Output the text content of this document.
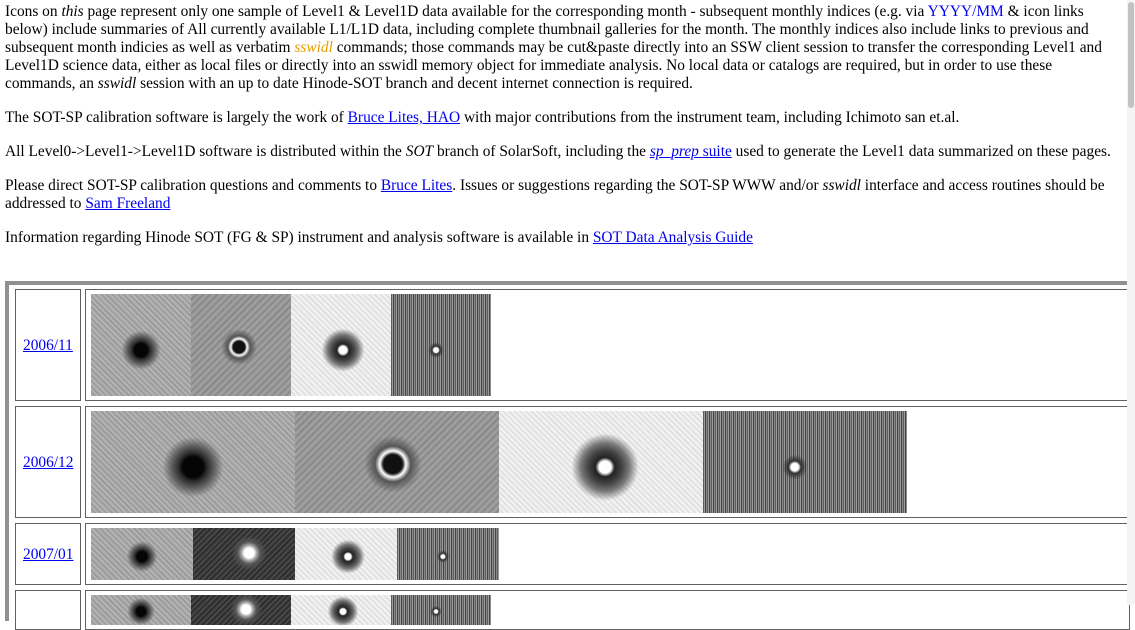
Icons on this page represent only one sample of Level1 & Level1D data available for the corresponding month - subsequent monthly indices (e.g. via YYYY/MM & icon links below) include summaries of All currently available L1/L1D data, including complete thumbnail galleries for the month. The monthly indices also include links to previous and subsequent month indicies as well as verbatim sswidl commands; those commands may be cut&paste directly into an SSW client session to transfer the corresponding Level1 and Level1D science data, either as local files or directly into an sswidl memory object for immediate analysis. No local data or catalogs are required, but in order to use these commands, an sswidl session with an up to date Hinode-SOT branch and decent internet connection is required.

The SOT-SP calibration software is largely the work of Bruce Lites, HAO with major contributions from the instrument team, including Ichimoto san et.al.

All Level0->Level1->Level1D software is distributed within the SOT branch of SolarSoft, including the sp_prep suite used to generate the Level1 data summarized on these pages.

Please direct SOT-SP calibration questions and comments to Bruce Lites. Issues or suggestions regarding the SOT-SP WWW and/or sswidl interface and access routines should be addressed to Sam Freeland

Information regarding Hinode SOT (FG & SP) instrument and analysis software is available in SOT Data Analysis Guide

2006/11
2006/12
2007/01
